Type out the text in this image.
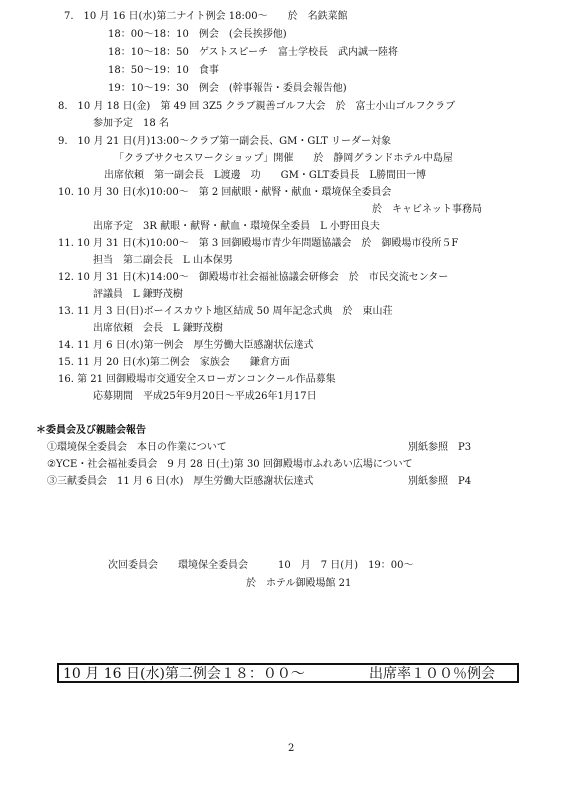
7.　10 月 16 日(水)第二ナイト例会 18:00～　　於　名鉄菜館
18：00～18：10　例会　(会長挨拶他)
18：10～18：50　ゲストスピーチ　富士学校長　武内誠一陸将
18：50～19：10　食事
19：10～19：30　例会　(幹事報告・委員会報告他)
8.　10 月 18 日(金)　第 49 回 3Z5 クラブ親善ゴルフ大会　於　富士小山ゴルフクラブ
参加予定　18 名
9.　10 月 21 日(月)13:00～クラブ第一副会長、GM・GLT リーダー対象
「クラブサクセスワークショップ」開催　　於　静岡グランドホテル中島屋
出席依頼　第一副会長　L渡邊　功　　GM・GLT委員長　L勝間田一博
10. 10 月 30 日(水)10:00～　第 2 回献眼・献腎・献血・環境保全委員会
於　キャビネット事務局
出席予定　3R 献眼・献腎・献血・環境保全委員　L 小野田良夫
11. 10 月 31 日(木)10:00～　第 3 回御殿場市青少年問題協議会　於　御殿場市役所５F
担当　第二副会長　L 山本保男
12. 10 月 31 日(木)14:00～　御殿場市社会福祉協議会研修会　於　市民交流センター
評議員　L 鎌野茂樹
13. 11 月 3 日(日)ボーイスカウト地区結成 50 周年記念式典　於　東山荘
出席依頼　会長　L 鎌野茂樹
14. 11 月 6 日(水)第一例会　厚生労働大臣感謝状伝達式
15. 11 月 20 日(水)第二例会　家族会　　鎌倉方面
16. 第 21 回御殿場市交通安全スローガンコンクール作品募集
応募期間　平成25年9月20日～平成26年1月17日
＊委員会及び親睦会報告
①環境保全委員会　本日の作業について	別紙参照　P3
②YCE・社会福祉委員会　9 月 28 日(土)第 30 回御殿場市ふれあい広場について
③三献委員会　11 月 6 日(水)　厚生労働大臣感謝状伝達式	別紙参照　P4
次回委員会　　環境保全委員会　　　10　月　7 日(月)　19：00～
於　ホテル御殿場館 21
10 月 16 日(水)第二例会１８：００～	出席率１００％例会
2
